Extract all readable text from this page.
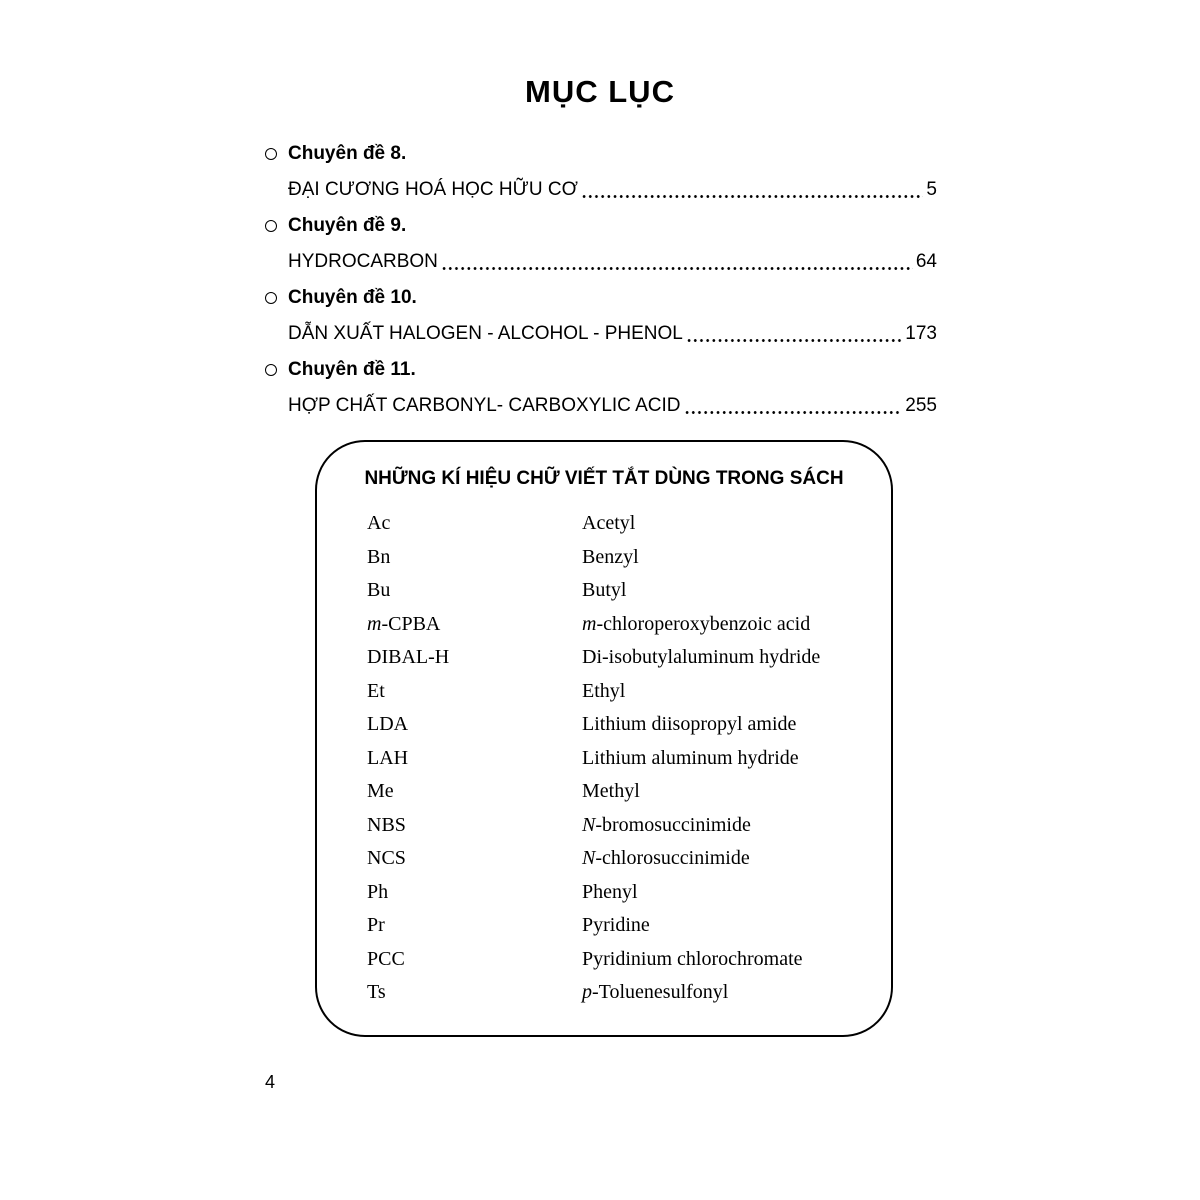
MỤC LỤC
Chuyên đề 8.
ĐẠI CƯƠNG HOÁ HỌC HỮU CƠ	5
Chuyên đề 9.
HYDROCARBON	64
Chuyên đề 10.
DẪN XUẤT HALOGEN - ALCOHOL - PHENOL	173
Chuyên đề 11.
HỢP CHẤT CARBONYL- CARBOXYLIC ACID	255
NHỮNG KÍ HIỆU CHỮ VIẾT TẮT DÙNG TRONG SÁCH
Ac	Acetyl
Bn	Benzyl
Bu	Butyl
m-CPBA	m-chloroperoxybenzoic acid
DIBAL-H	Di-isobutylaluminum hydride
Et	Ethyl
LDA	Lithium diisopropyl amide
LAH	Lithium aluminum hydride
Me	Methyl
NBS	N-bromosuccinimide
NCS	N-chlorosuccinimide
Ph	Phenyl
Pr	Pyridine
PCC	Pyridinium chlorochromate
Ts	p-Toluenesulfonyl
4
